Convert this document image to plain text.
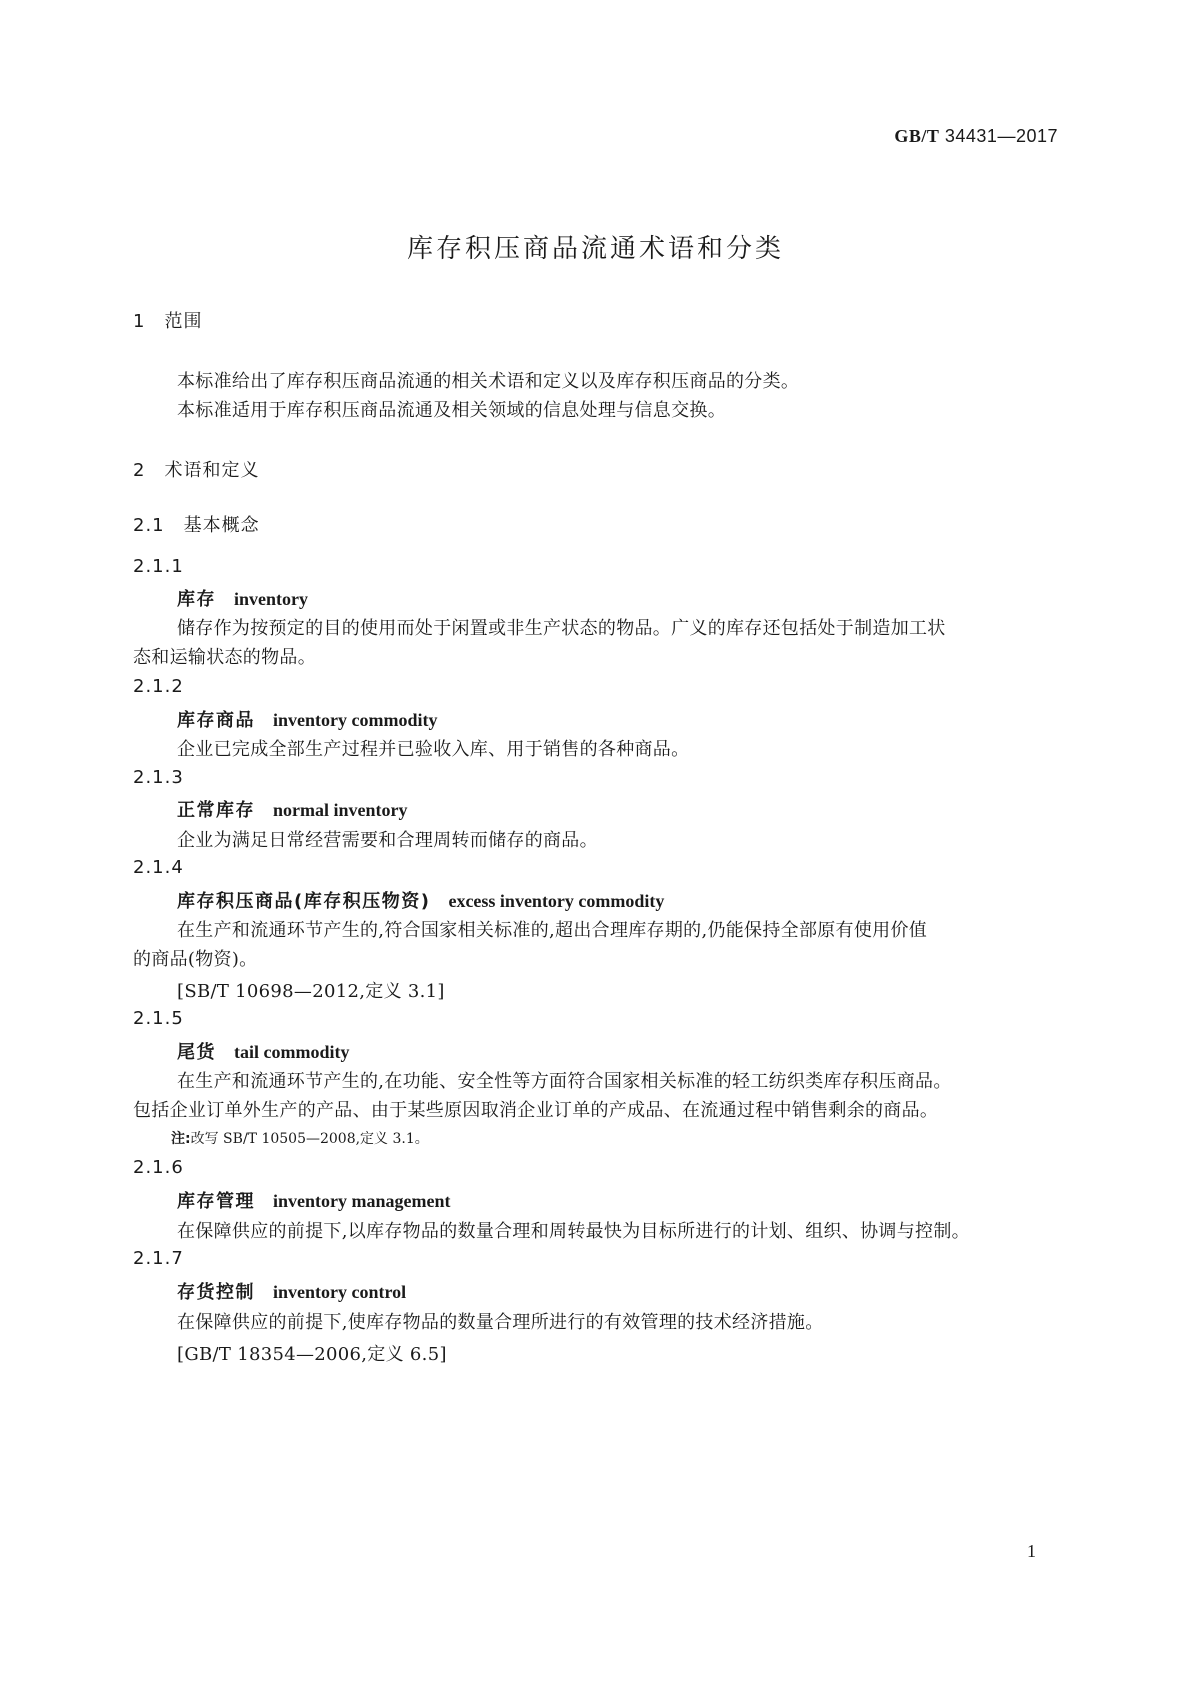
GB/T 34431—2017
库存积压商品流通术语和分类
1　范围
本标准给出了库存积压商品流通的相关术语和定义以及库存积压商品的分类。
本标准适用于库存积压商品流通及相关领域的信息处理与信息交换。
2　术语和定义
2.1　基本概念
2.1.1
库存 inventory
储存作为按预定的目的使用而处于闲置或非生产状态的物品。广义的库存还包括处于制造加工状
态和运输状态的物品。
2.1.2
库存商品 inventory commodity
企业已完成全部生产过程并已验收入库、用于销售的各种商品。
2.1.3
正常库存 normal inventory
企业为满足日常经营需要和合理周转而储存的商品。
2.1.4
库存积压商品(库存积压物资) excess inventory commodity
在生产和流通环节产生的,符合国家相关标准的,超出合理库存期的,仍能保持全部原有使用价值
的商品(物资)。
[SB/T 10698—2012,定义 3.1]
2.1.5
尾货 tail commodity
在生产和流通环节产生的,在功能、安全性等方面符合国家相关标准的轻工纺织类库存积压商品。
包括企业订单外生产的产品、由于某些原因取消企业订单的产成品、在流通过程中销售剩余的商品。
注:改写 SB/T 10505—2008,定义 3.1。
2.1.6
库存管理 inventory management
在保障供应的前提下,以库存物品的数量合理和周转最快为目标所进行的计划、组织、协调与控制。
2.1.7
存货控制 inventory control
在保障供应的前提下,使库存物品的数量合理所进行的有效管理的技术经济措施。
[GB/T 18354—2006,定义 6.5]
1
